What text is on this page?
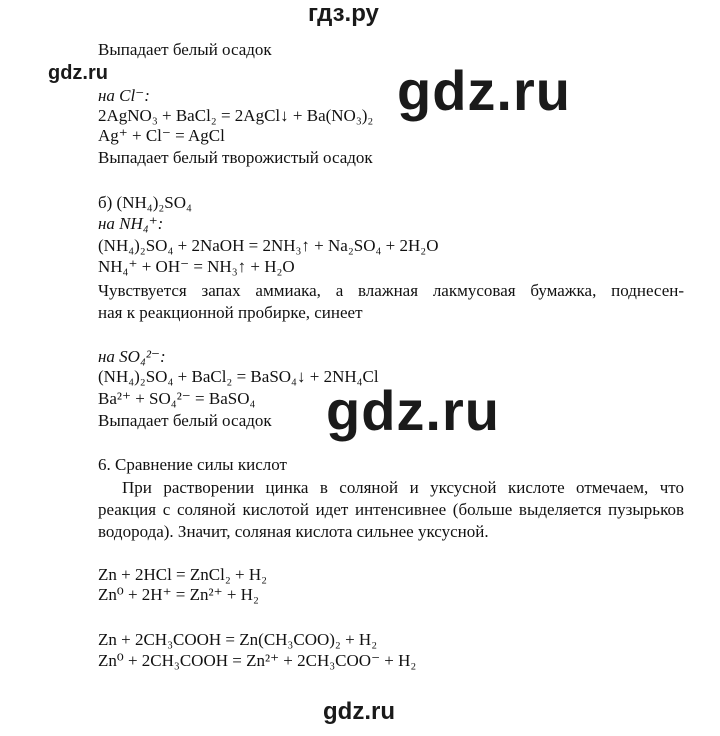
гдз.ру
gdz.ru	gdz.ru
Выпадает белый осадок
на Cl⁻:
2AgNO₃ + BaCl₂ = 2AgCl↓ + Ba(NO₃)₂
Ag⁺ + Cl⁻ = AgCl
Выпадает белый творожистый осадок
б) (NH₄)₂SO₄
на NH₄⁺:
(NH₄)₂SO₄ + 2NaOH = 2NH₃↑ + Na₂SO₄ + 2H₂O
NH₄⁺ + OH⁻ = NH₃↑ + H₂O
Чувствуется запах аммиака, а влажная лакмусовая бумажка, поднесен-
ная к реакционной пробирке, синеет
на SO₄²⁻:
(NH₄)₂SO₄ + BaCl₂ = BaSO₄↓ + 2NH₄Cl
Ba²⁺ + SO₄²⁻ = BaSO₄
Выпадает белый осадок gdz.ru
6. Сравнение силы кислот
При растворении цинка в соляной и уксусной кислоте отмечаем, что
реакция с соляной кислотой идет интенсивнее (больше выделяется пузырьков
водорода). Значит, соляная кислота сильнее уксусной.
Zn + 2HCl = ZnCl₂ + H₂
Zn⁰ + 2H⁺ = Zn²⁺ + H₂
Zn + 2CH₃COOH = Zn(CH₃COO)₂ + H₂
Zn⁰ + 2CH₃COOH = Zn²⁺ + 2CH₃COO⁻ + H₂
gdz.ru
